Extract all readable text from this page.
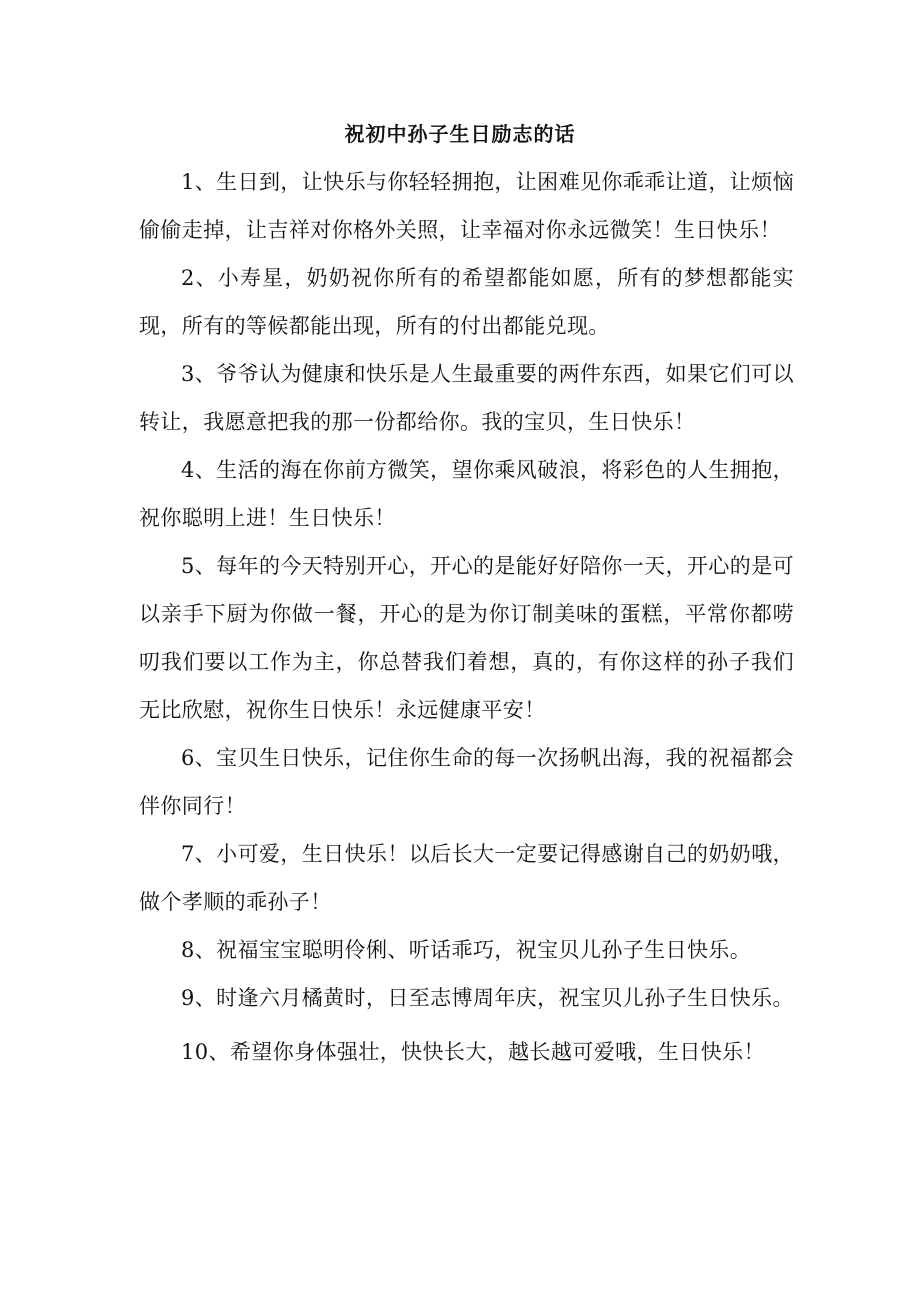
祝初中孙子生日励志的话

1、生日到，让快乐与你轻轻拥抱，让困难见你乖乖让道，让烦恼偷偷走掉，让吉祥对你格外关照，让幸福对你永远微笑！生日快乐！

2、小寿星，奶奶祝你所有的希望都能如愿，所有的梦想都能实现，所有的等候都能出现，所有的付出都能兑现。

3、爷爷认为健康和快乐是人生最重要的两件东西，如果它们可以转让，我愿意把我的那一份都给你。我的宝贝，生日快乐！

4、生活的海在你前方微笑，望你乘风破浪，将彩色的人生拥抱，祝你聪明上进！生日快乐！

5、每年的今天特别开心，开心的是能好好陪你一天，开心的是可以亲手下厨为你做一餐，开心的是为你订制美味的蛋糕，平常你都唠叨我们要以工作为主，你总替我们着想，真的，有你这样的孙子我们无比欣慰，祝你生日快乐！永远健康平安！

6、宝贝生日快乐，记住你生命的每一次扬帆出海，我的祝福都会伴你同行！

7、小可爱，生日快乐！以后长大一定要记得感谢自己的奶奶哦，做个孝顺的乖孙子！

8、祝福宝宝聪明伶俐、听话乖巧，祝宝贝儿孙子生日快乐。

9、时逢六月橘黄时，日至志博周年庆，祝宝贝儿孙子生日快乐。

10、希望你身体强壮，快快长大，越长越可爱哦，生日快乐！
